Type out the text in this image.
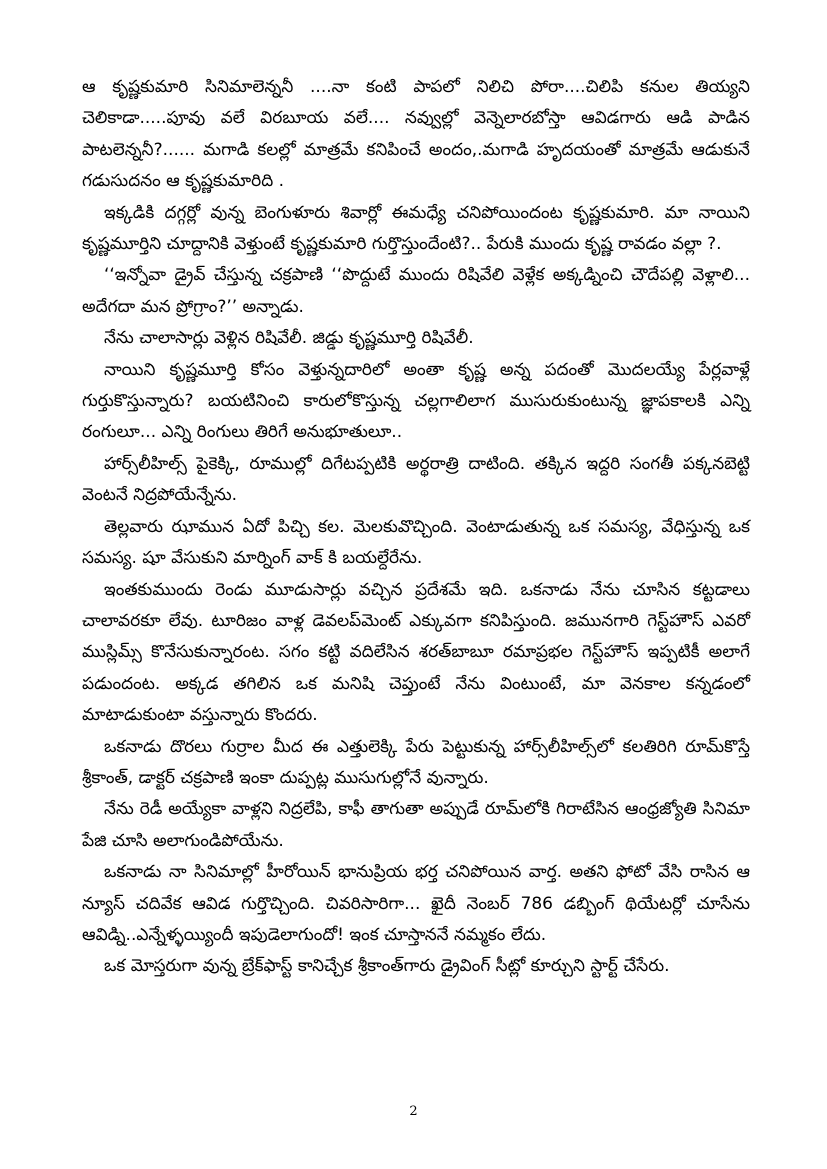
ఆ కృష్ణకుమారి సినిమాలెన్ననీ ....నా కంటి పాపలో నిలిచి పోరా....చిలిపి కనుల తియ్యని చెలికాడా.....పూవు వలే విరబూయ వలే.... నవ్వుల్లో వెన్నెలారబోస్తా ఆవిడగారు ఆడి పాడిన పాటలెన్ననీ?...... మగాడి కలల్లో మాత్రమే కనిపించే అందం,.మగాడి హృదయంతో మాత్రమే ఆడుకునే గడుసుదనం ఆ కృష్ణకుమారిది .

ఇక్కడికి దగ్గర్లో వున్న బెంగుళూరు శివార్లో ఈమధ్యే చనిపోయిందంట కృష్ణకుమారి. మా నాయిని కృష్ణమూర్తిని చూద్దానికి వెళ్తుంటే కృష్ణకుమారి గుర్తొస్తుందేంటి?.. పేరుకి ముందు కృష్ణ రావడం వల్లా ?.

‘‘ఇన్నోవా డ్రైవ్ చేస్తున్న చక్రపాణి ‘‘పొద్దుటే ముందు రిషివేలి వెళ్లేక అక్కడ్నించి చౌదేపల్లి వెళ్లాలి... అదేగదా మన ప్రోగ్రాం?’’ అన్నాడు.

నేను చాలాసార్లు వెళ్లిన రిషివేలీ. జిడ్డు కృష్ణమూర్తి రిషివేలీ.

నాయిని కృష్ణమూర్తి కోసం వెళ్తున్నదారిలో అంతా కృష్ణ అన్న పదంతో మొదలయ్యే పేర్లవాళ్లే గుర్తుకొస్తున్నారు? బయటినించి కారులోకొస్తున్న చల్లగాలిలాగ ముసురుకుంటున్న జ్ఞాపకాలకి ఎన్ని రంగులూ... ఎన్ని రింగులు తిరిగే అనుభూతులూ..

హార్స్‌లీహిల్స్ పైకెక్కి, రూముల్లో దిగేటప్పటికి అర్థరాత్రి దాటింది. తక్కిన ఇద్దరి సంగతీ పక్కనబెట్టి వెంటనే నిద్రపోయేన్నేను.

తెల్లవారు ఝామున ఏదో పిచ్చి కల. మెలకువొచ్చింది. వెంటాడుతున్న ఒక సమస్య, వేధిస్తున్న ఒక సమస్య. షూ వేసుకుని మార్నింగ్ వాక్ కి బయల్దేరేను.

ఇంతకుముందు రెండు మూడుసార్లు వచ్చిన ప్రదేశమే ఇది. ఒకనాడు నేను చూసిన కట్టడాలు చాలావరకూ లేవు. టూరిజం వాళ్ల డెవలప్‌మెంట్ ఎక్కువగా కనిపిస్తుంది. జమునగారి గెస్ట్‌హౌస్ ఎవరో ముస్లిమ్స్ కొనేసుకున్నారంట. సగం కట్టి వదిలేసిన శరత్‌బాబూ రమాప్రభల గెస్ట్‌హౌస్ ఇప్పటికీ అలాగే పడుందంట. అక్కడ తగిలిన ఒక మనిషి చెప్తుంటే నేను వింటుంటే, మా వెనకాల కన్నడంలో మాటాడుకుంటా వస్తున్నారు కొందరు.

ఒకనాడు దొరలు గుర్రాల మీద ఈ ఎత్తులెక్కి పేరు పెట్టుకున్న హార్స్‌లీహిల్స్‌లో కలతిరిగి రూమ్‌కొస్తే శ్రీకాంత్, డాక్టర్ చక్రపాణి ఇంకా దుప్పట్ల ముసుగుల్లోనే వున్నారు.

నేను రెడీ అయ్యేకా వాళ్లని నిద్రలేపి, కాఫీ తాగుతా అప్పుడే రూమ్‌లోకి గిరాటేసిన ఆంధ్రజ్యోతి సినిమా పేజి చూసి అలాగుండిపోయేను.

ఒకనాడు నా సినిమాల్లో హీరోయిన్ భానుప్రియ భర్త చనిపోయిన వార్త. అతని ఫోటో వేసి రాసిన ఆ న్యూస్ చదివేక ఆవిడ గుర్తొచ్చింది. చివరిసారిగా... ఖైదీ నెంబర్ 786 డబ్బింగ్ థియేటర్లో చూసేను ఆవిడ్ని..ఎన్నేళ్ళయ్యిందీ ఇపుడెలాగుందో! ఇంక చూస్తాననే నమ్మకం లేదు.

ఒక మోస్తరుగా వున్న బ్రేక్‌ఫాస్ట్ కానిచ్చేక శ్రీకాంత్‌గారు డ్రైవింగ్ సీట్లో కూర్చుని స్టార్ట్ చేసేరు.

2
